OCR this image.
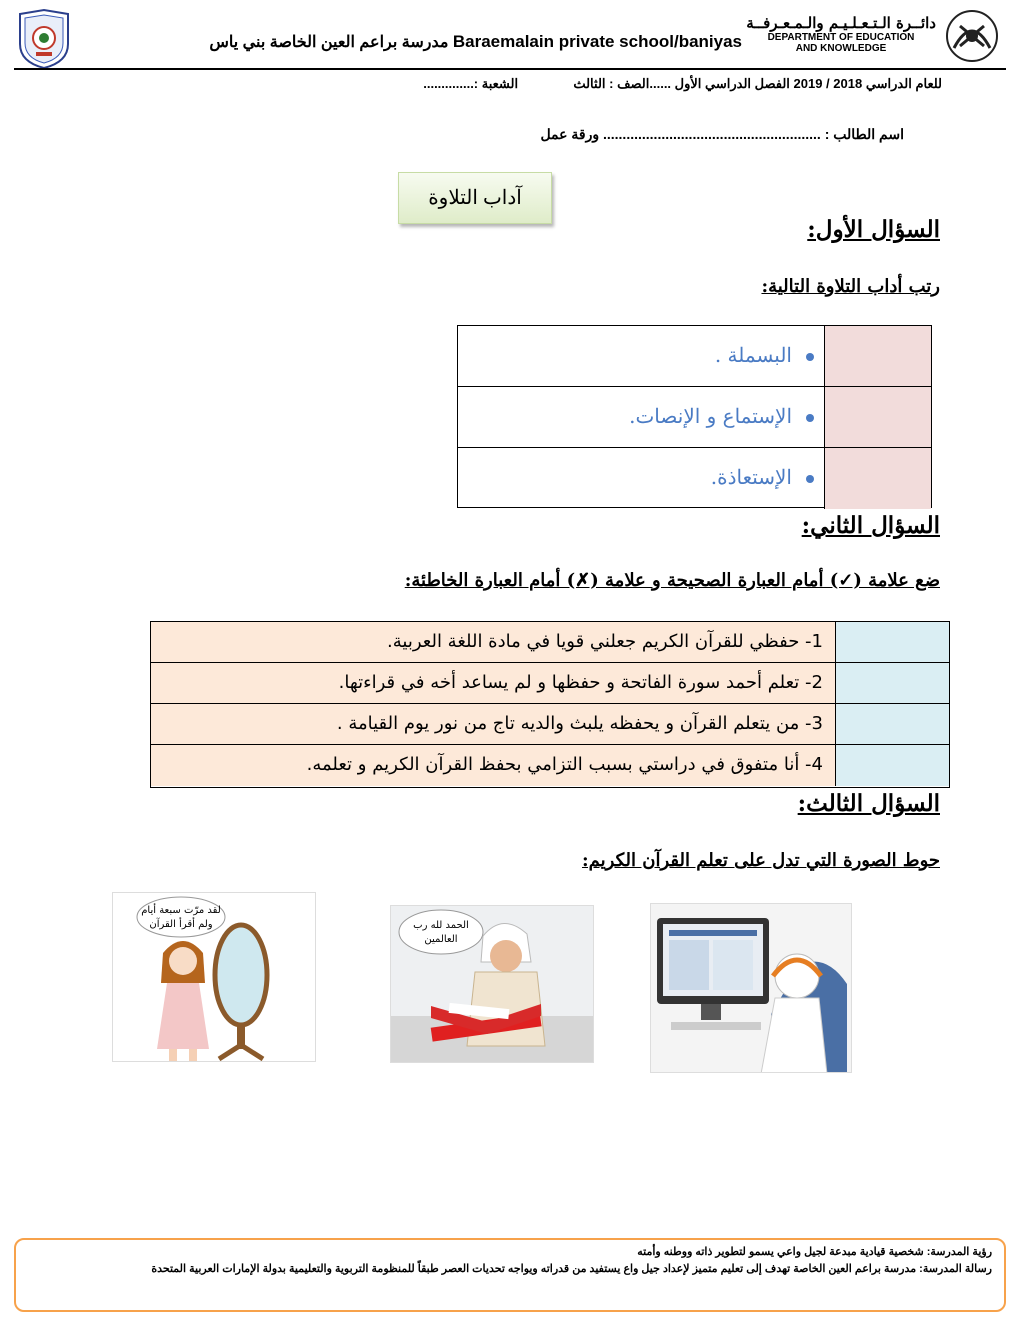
Baraemalain private school/baniyas مدرسة براعم العين الخاصة بني ياس
دائــرة الـتـعـلـيـم والـمـعـرفــة
DEPARTMENT OF EDUCATION
AND KNOWLEDGE
للعام الدراسي 2018 / 2019 الفصل الدراسي الأول ......الصف : الثالث  الشعبة :..............
اسم الطالب : ........................................................ ورقة عمل
آداب التلاوة
السؤال الأول:
رتب أداب التلاوة التالية:
البسملة .
الإستماع و الإنصات.
الإستعاذة.
السؤال الثاني:
ضع علامة (✓) أمام العبارة الصحيحة و علامة (✗) أمام العبارة الخاطئة:
1- حفظي للقرآن الكريم جعلني قويا في مادة اللغة العربية.
2- تعلم أحمد سورة الفاتحة و حفظها و لم يساعد أخه في قراءتها.
3- من يتعلم القرآن و يحفظه يلبث والديه تاج من نور يوم القيامة .
4- أنا متفوق في دراستي بسبب التزامي بحفظ القرآن الكريم و تعلمه.
السؤال الثالث:
حوط الصورة التي تدل على تعلم القرآن الكريم:
لقد مرّت سبعة أيام
ولم أقرأ القرآن	الحمد لله رب
العالمين
رؤية المدرسة: شخصية قيادية مبدعة لجيل واعي يسمو لتطوير ذاته ووطنه وأمته
رسالة المدرسة: مدرسة براعم العين الخاصة تهدف إلى تعليم متميز لإعداد جيل واع يستفيد من قدراته ويواجه تحديات العصر طبقاً للمنظومة التربوية والتعليمية بدولة الإمارات العربية المتحدة
